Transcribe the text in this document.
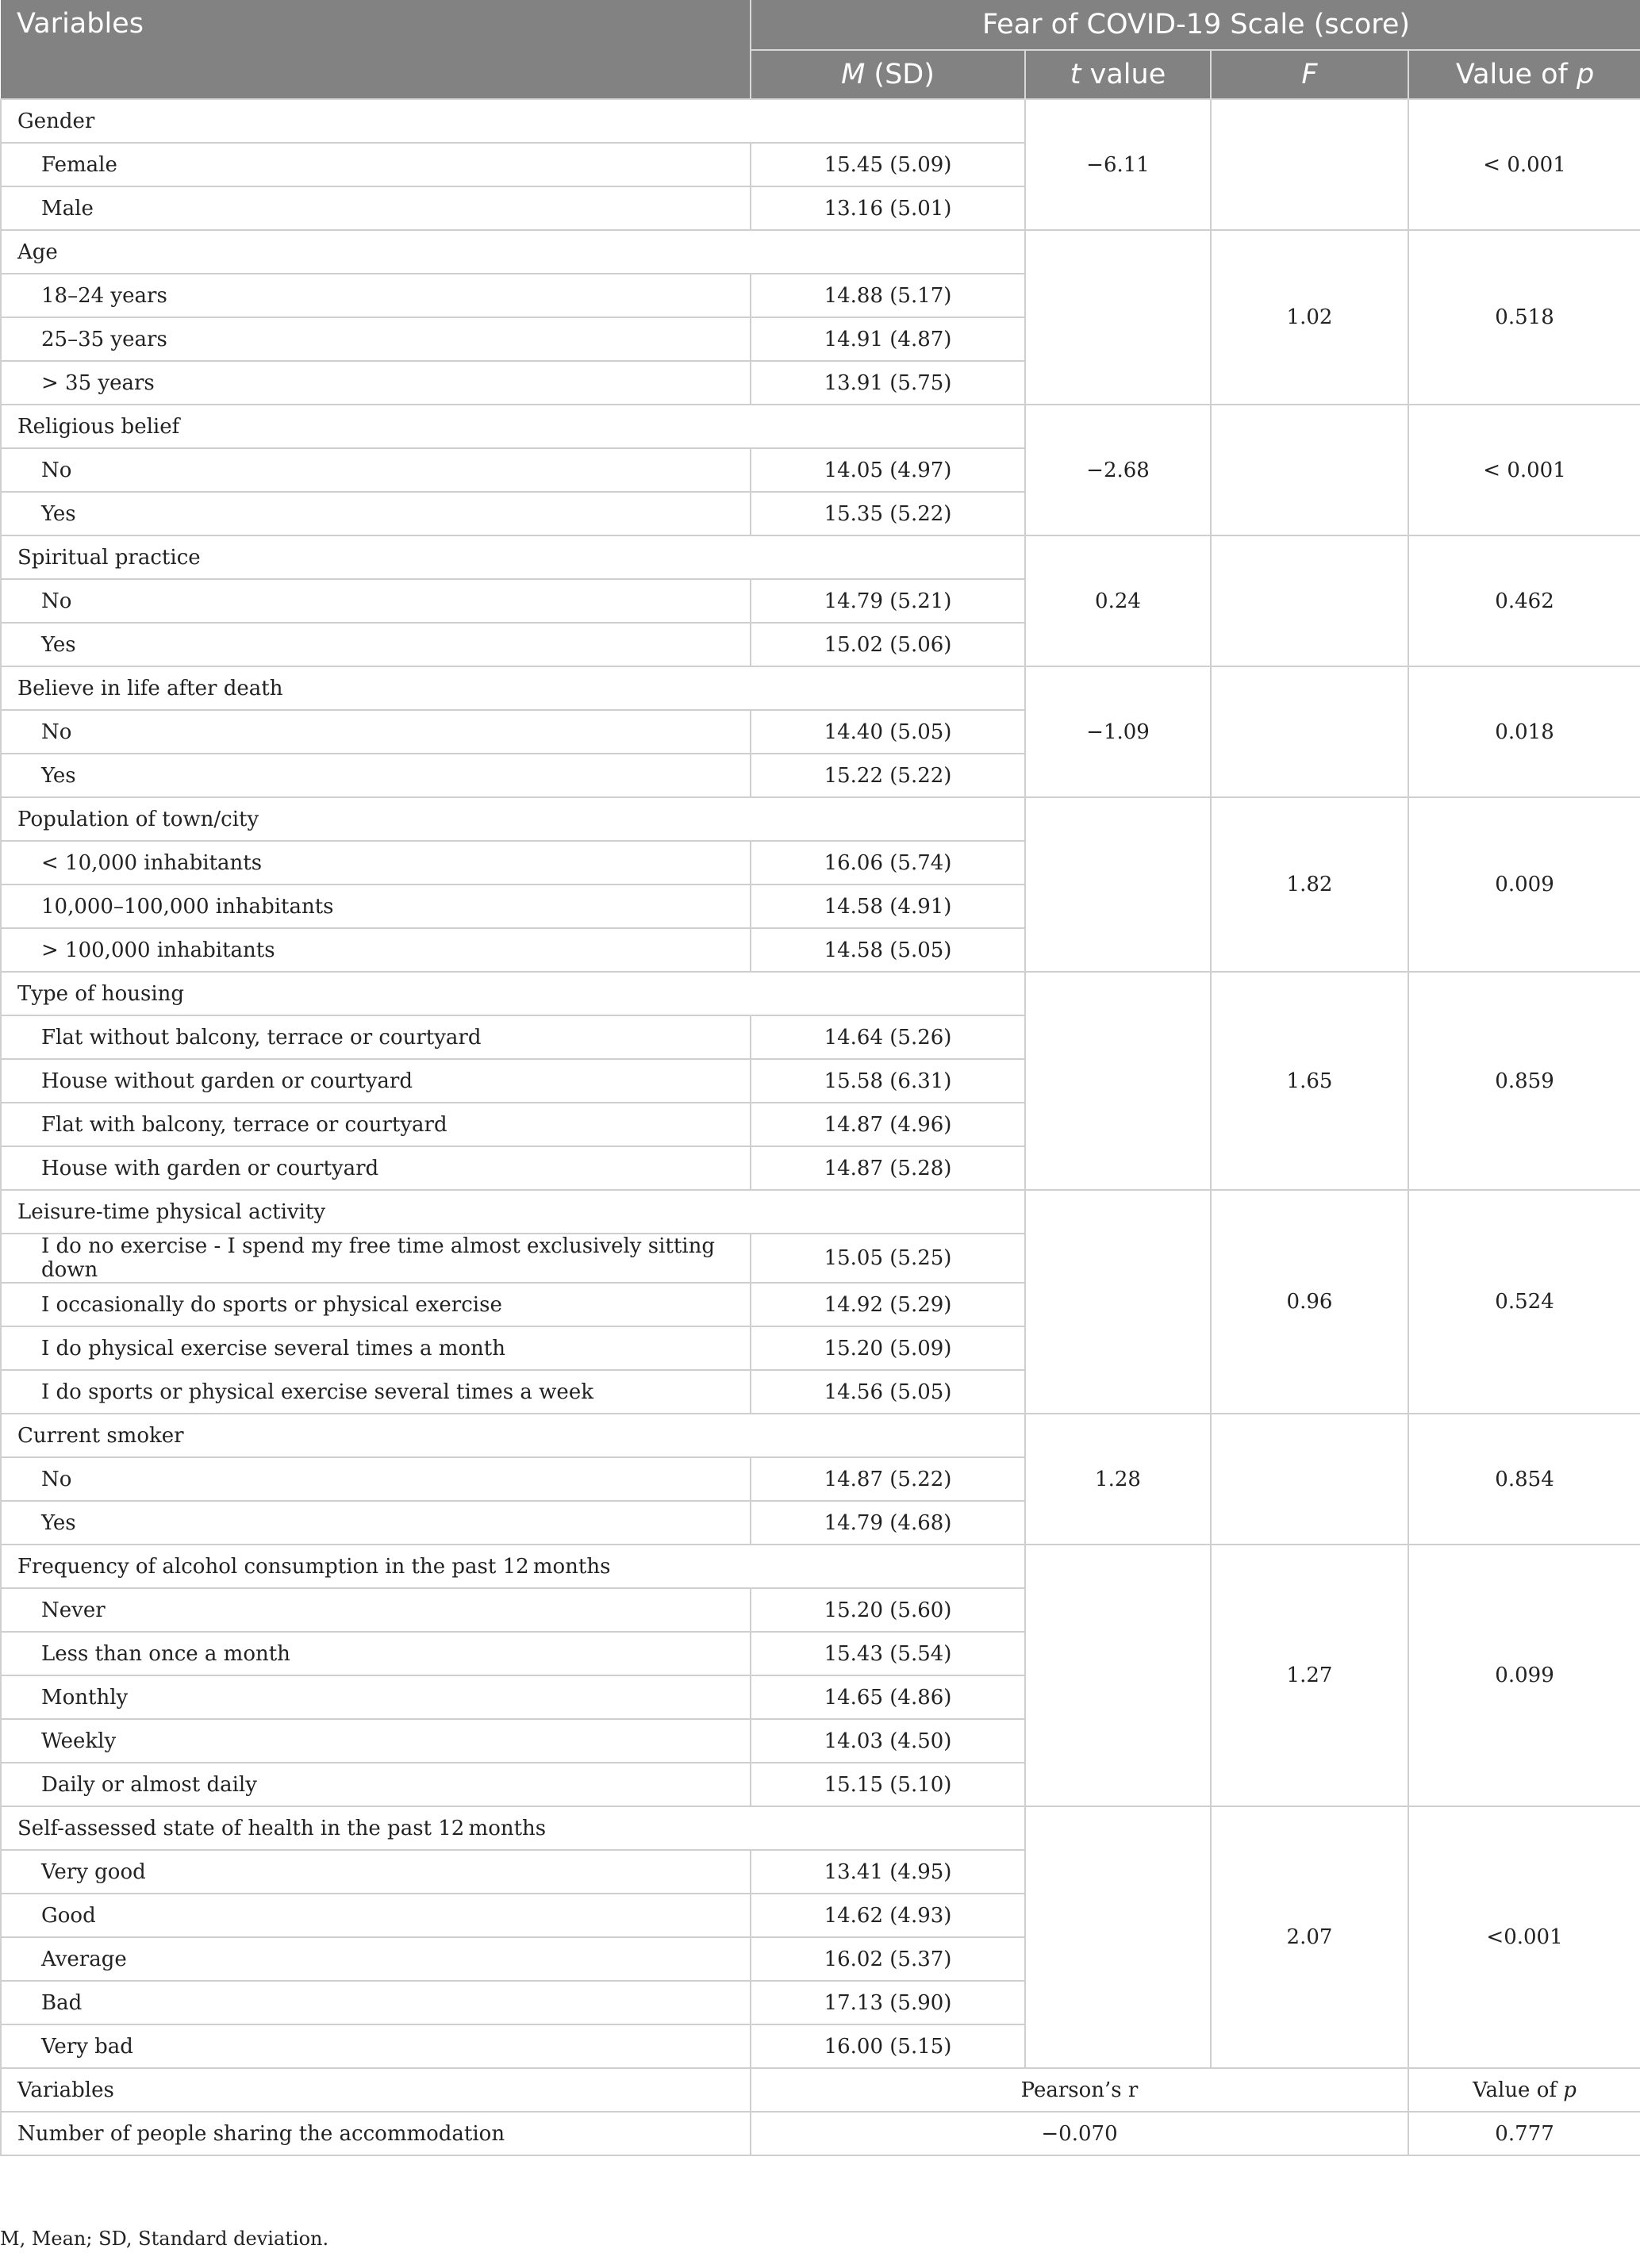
Variables	Fear of COVID-19 Scale (score)			
	M (SD)	t value	F	Value of p
Gender		−6.11		< 0.001
Female	15.45 (5.09)			
Male	13.16 (5.01)			
Age			1.02	0.518
18–24 years	14.88 (5.17)			
25–35 years	14.91 (4.87)			
> 35 years	13.91 (5.75)			
Religious belief		−2.68		< 0.001
No	14.05 (4.97)			
Yes	15.35 (5.22)			
Spiritual practice		0.24		0.462
No	14.79 (5.21)			
Yes	15.02 (5.06)			
Believe in life after death		−1.09		0.018
No	14.40 (5.05)			
Yes	15.22 (5.22)			
Population of town/city			1.82	0.009
< 10,000 inhabitants	16.06 (5.74)			
10,000–100,000 inhabitants	14.58 (4.91)			
> 100,000 inhabitants	14.58 (5.05)			
Type of housing			1.65	0.859
Flat without balcony, terrace or courtyard	14.64 (5.26)			
House without garden or courtyard	15.58 (6.31)			
Flat with balcony, terrace or courtyard	14.87 (4.96)			
House with garden or courtyard	14.87 (5.28)			
Leisure-time physical activity			0.96	0.524
I do no exercise - I spend my free time almost exclusively sitting down	15.05 (5.25)			
I occasionally do sports or physical exercise	14.92 (5.29)			
I do physical exercise several times a month	15.20 (5.09)			
I do sports or physical exercise several times a week	14.56 (5.05)			
Current smoker		1.28		0.854
No	14.87 (5.22)			
Yes	14.79 (4.68)			
Frequency of alcohol consumption in the past 12 months			1.27	0.099
Never	15.20 (5.60)			
Less than once a month	15.43 (5.54)			
Monthly	14.65 (4.86)			
Weekly	14.03 (4.50)			
Daily or almost daily	15.15 (5.10)			
Self-assessed state of health in the past 12 months			2.07	<0.001
Very good	13.41 (4.95)			
Good	14.62 (4.93)			
Average	16.02 (5.37)			
Bad	17.13 (5.90)			
Very bad	16.00 (5.15)			
Variables	Pearson’s r			Value of p
Number of people sharing the accommodation	−0.070			0.777
M, Mean; SD, Standard deviation.
